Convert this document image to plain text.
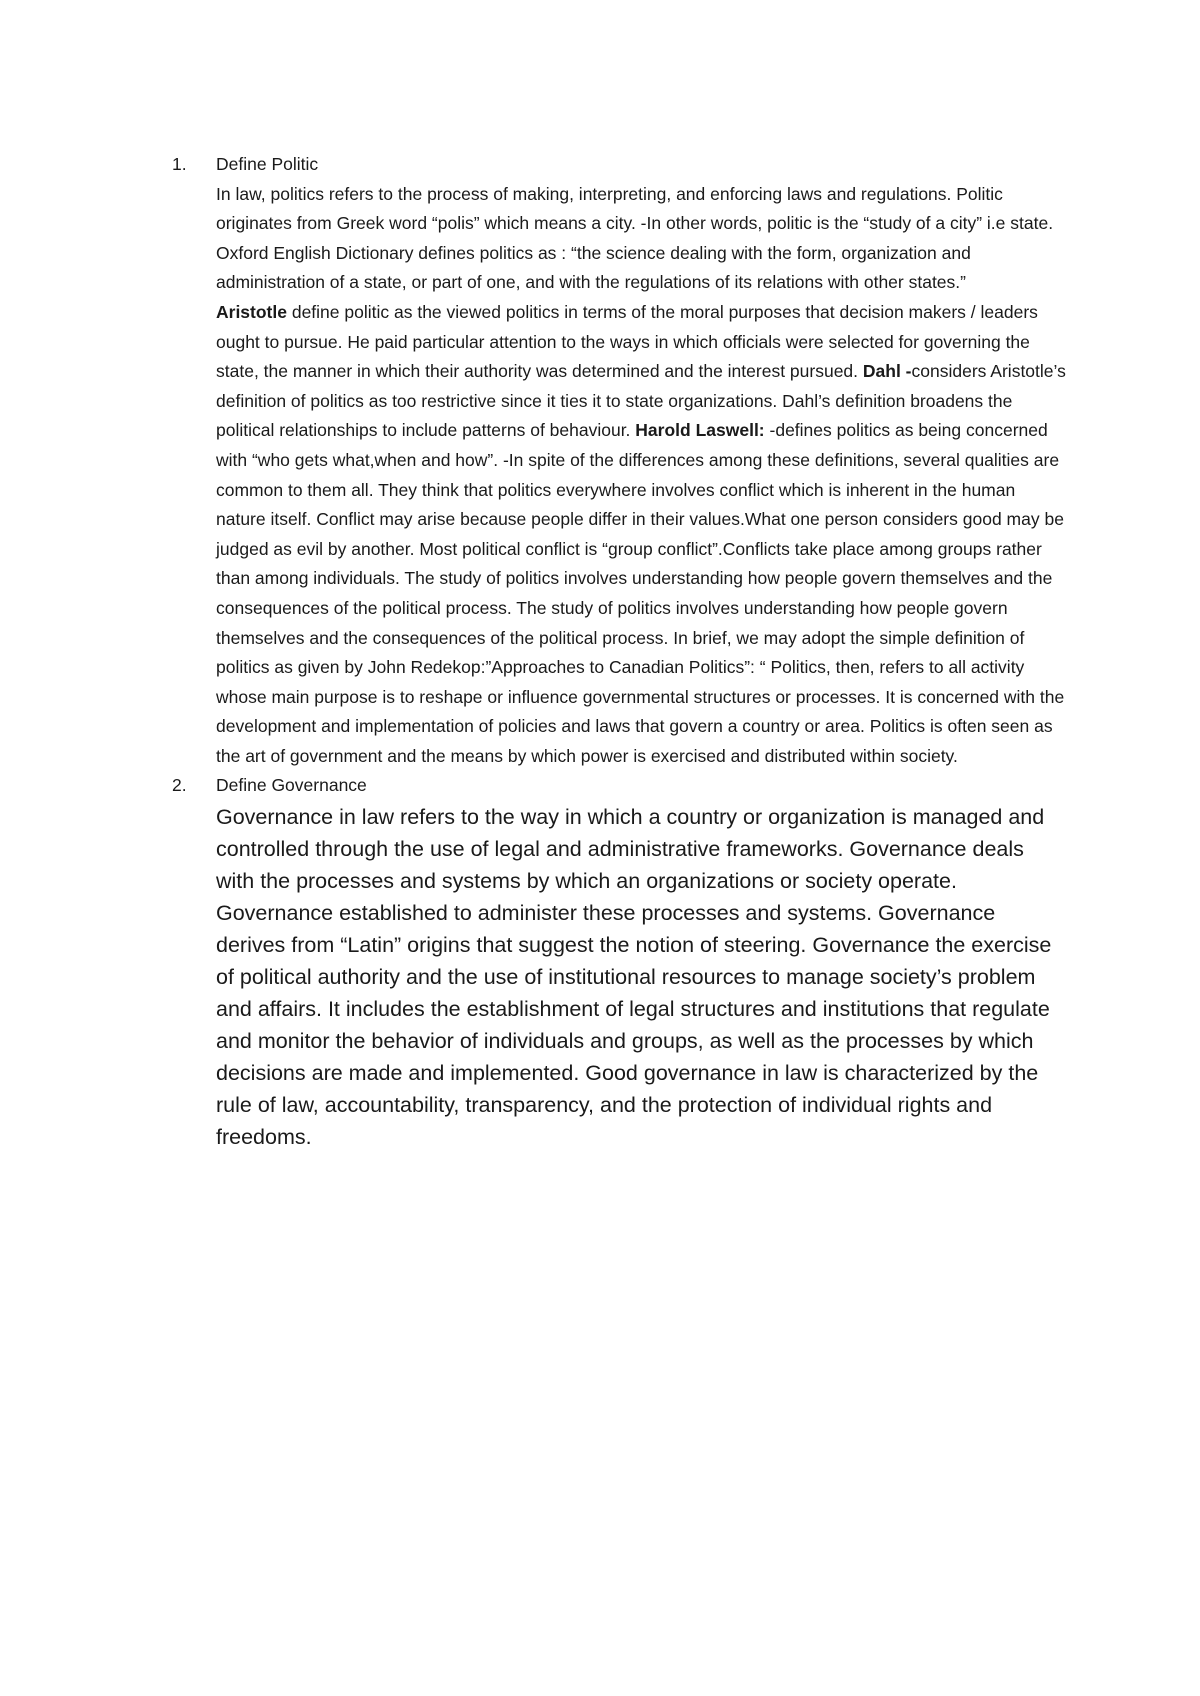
1. Define Politic

In law, politics refers to the process of making, interpreting, and enforcing laws and regulations. Politic originates from Greek word “polis” which means a city. -In other words, politic is the “study of a city” i.e state. Oxford English Dictionary defines politics as : “the science dealing with the form, organization and administration of a state, or part of one, and with the regulations of its relations with other states.”

Aristotle define politic as the viewed politics in terms of the moral purposes that decision makers / leaders ought to pursue. He paid particular attention to the ways in which officials were selected for governing the state, the manner in which their authority was determined and the interest pursued. Dahl -considers Aristotle’s definition of politics as too restrictive since it ties it to state organizations. Dahl’s definition broadens the political relationships to include patterns of behaviour. Harold Laswell: -defines politics as being concerned with “who gets what,when and how”. -In spite of the differences among these definitions, several qualities are common to them all. They think that politics everywhere involves conflict which is inherent in the human nature itself. Conflict may arise because people differ in their values.What one person considers good may be judged as evil by another. Most political conflict is “group conflict”.Conflicts take place among groups rather than among individuals. The study of politics involves understanding how people govern themselves and the consequences of the political process. The study of politics involves understanding how people govern themselves and the consequences of the political process. In brief, we may adopt the simple definition of politics as given by John Redekop:”Approaches to Canadian Politics”: “ Politics, then, refers to all activity whose main purpose is to reshape or influence governmental structures or processes. It is concerned with the development and implementation of policies and laws that govern a country or area. Politics is often seen as the art of government and the means by which power is exercised and distributed within society.

2. Define Governance

Governance in law refers to the way in which a country or organization is managed and controlled through the use of legal and administrative frameworks. Governance deals with the processes and systems by which an organizations or society operate. Governance established to administer these processes and systems. Governance derives from “Latin” origins that suggest the notion of steering. Governance the exercise of political authority and the use of institutional resources to manage society’s problem and affairs. It includes the establishment of legal structures and institutions that regulate and monitor the behavior of individuals and groups, as well as the processes by which decisions are made and implemented. Good governance in law is characterized by the rule of law, accountability, transparency, and the protection of individual rights and freedoms.
